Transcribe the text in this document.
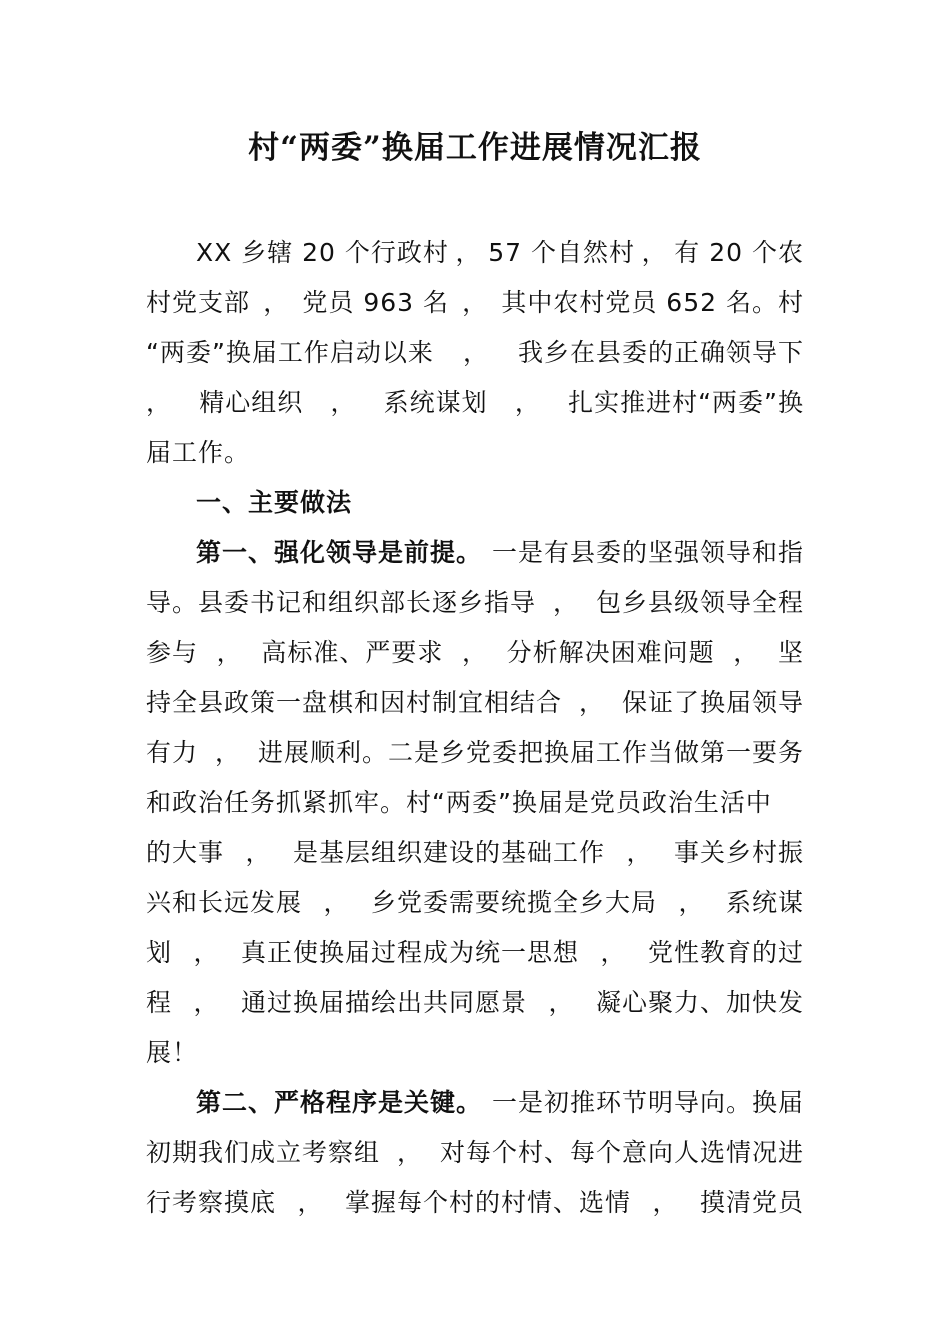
村“两委”换届工作进展情况汇报
XX 乡辖 20 个行政村 ， 57 个自然村 ， 有 20 个农
村党支部 ， 党员 963 名 ， 其中农村党员 652 名。村
“两委”换届工作启动以来 ， 我乡在县委的正确领导下
， 精心组织 ， 系统谋划 ， 扎实推进村“两委”换
届工作。
一、主要做法
第一、强化领导是前提。 一是有县委的坚强领导和指
导。县委书记和组织部长逐乡指导 ， 包乡县级领导全程
参与 ， 高标准、严要求 ， 分析解决困难问题 ， 坚
持全县政策一盘棋和因村制宜相结合 ， 保证了换届领导
有力 ， 进展顺利。二是乡党委把换届工作当做第一要务
和政治任务抓紧抓牢。村“两委”换届是党员政治生活中
的大事 ， 是基层组织建设的基础工作 ， 事关乡村振
兴和长远发展 ， 乡党委需要统揽全乡大局 ， 系统谋
划 ， 真正使换届过程成为统一思想 ， 党性教育的过
程 ， 通过换届描绘出共同愿景 ， 凝心聚力、加快发
展！
第二、严格程序是关键。 一是初推环节明导向。换届
初期我们成立考察组 ， 对每个村、每个意向人选情况进
行考察摸底 ， 掌握每个村的村情、选情 ， 摸清党员
